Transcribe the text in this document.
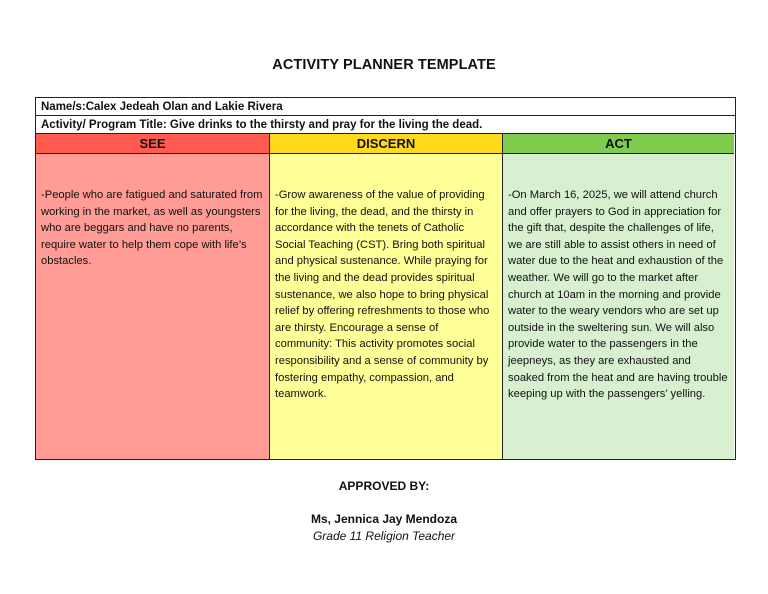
ACTIVITY PLANNER TEMPLATE
Name/s:Calex Jedeah Olan and Lakie Rivera
Activity/ Program Title: Give drinks to the thirsty and pray for the living the dead.
SEE
-People who are fatigued and saturated from working in the market, as well as youngsters who are beggars and have no parents, require water to help them cope with life’s obstacles.
DISCERN
-Grow awareness of the value of providing for the living, the dead, and the thirsty in accordance with the tenets of Catholic Social Teaching (CST). Bring both spiritual and physical sustenance. While praying for the living and the dead provides spiritual sustenance, we also hope to bring physical relief by offering refreshments to those who are thirsty. Encourage a sense of community: This activity promotes social responsibility and a sense of community by fostering empathy, compassion, and teamwork.
ACT
-On March 16, 2025, we will attend church and offer prayers to God in appreciation for the gift that, despite the challenges of life, we are still able to assist others in need of water due to the heat and exhaustion of the weather. We will go to the market after church at 10am in the morning and provide water to the weary vendors who are set up outside in the sweltering sun. We will also provide water to the passengers in the jeepneys, as they are exhausted and soaked from the heat and are having trouble keeping up with the passengers’ yelling.
APPROVED BY:
Ms, Jennica Jay Mendoza
Grade 11 Religion Teacher
